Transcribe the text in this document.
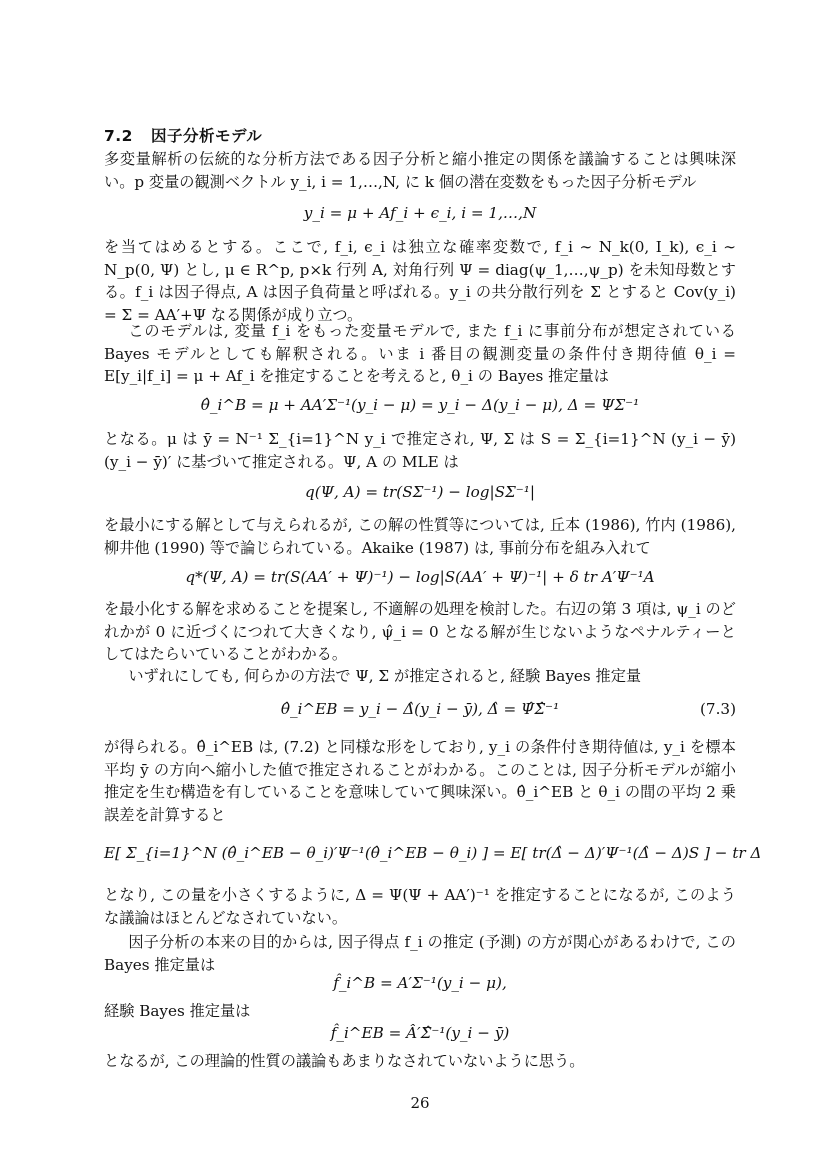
7.2 因子分析モデル

多変量解析の伝統的な分析方法である因子分析と縮小推定の関係を議論することは興味深い。p 変量の観測ベクトル y_i, i = 1,…,N, に k 個の潜在変数をもった因子分析モデル

y_i = μ + Af_i + ϵ_i, i = 1,…,N

を当てはめるとする。ここで, f_i, ϵ_i は独立な確率変数で, f_i ∼ N_k(0, I_k), ϵ_i ∼ N_p(0, Ψ) とし, μ ∈ R^p, p×k 行列 A, 対角行列 Ψ = diag(ψ_1,…,ψ_p) を未知母数とする。f_i は因子得点, A は因子負荷量と呼ばれる。y_i の共分散行列を Σ とすると Cov(y_i) = Σ = AA′+Ψ なる関係が成り立つ。

このモデルは, 変量 f_i をもった変量モデルで, また f_i に事前分布が想定されている Bayes モデルとしても解釈される。いま i 番目の観測変量の条件付き期待値 θ_i = E[y_i|f_i] = μ + Af_i を推定することを考えると, θ_i の Bayes 推定量は

θ̂_i^B = μ + AA′Σ⁻¹(y_i − μ) = y_i − Δ(y_i − μ), Δ = ΨΣ⁻¹

となる。μ は ȳ = N⁻¹ Σ_{i=1}^N y_i で推定され, Ψ, Σ は S = Σ_{i=1}^N (y_i − ȳ)(y_i − ȳ)′ に基づいて推定される。Ψ, A の MLE は

q(Ψ, A) = tr(SΣ⁻¹) − log|SΣ⁻¹|

を最小にする解として与えられるが, この解の性質等については, 丘本 (1986), 竹内 (1986), 柳井他 (1990) 等で論じられている。Akaike (1987) は, 事前分布を組み入れて

q*(Ψ, A) = tr(S(AA′ + Ψ)⁻¹) − log|S(AA′ + Ψ)⁻¹| + δ tr A′Ψ⁻¹A

を最小化する解を求めることを提案し, 不適解の処理を検討した。右辺の第 3 項は, ψ_i のどれかが 0 に近づくにつれて大きくなり, ψ̂_i = 0 となる解が生じないようなペナルティーとしてはたらいていることがわかる。

いずれにしても, 何らかの方法で Ψ, Σ が推定されると, 経験 Bayes 推定量

θ̂_i^EB = y_i − Δ̂(y_i − ȳ), Δ̂ = Ψ̂Σ̂⁻¹	(7.3)

が得られる。θ̂_i^EB は, (7.2) と同様な形をしており, y_i の条件付き期待値は, y_i を標本平均 ȳ の方向へ縮小した値で推定されることがわかる。このことは, 因子分析モデルが縮小推定を生む構造を有していることを意味していて興味深い。θ̂_i^EB と θ_i の間の平均 2 乗誤差を計算すると

E[ Σ_{i=1}^N (θ̂_i^EB − θ_i)′Ψ⁻¹(θ̂_i^EB − θ_i) ] = E[ tr(Δ̂ − Δ)′Ψ⁻¹(Δ̂ − Δ)S ] − tr Δ

となり, この量を小さくするように, Δ = Ψ(Ψ + AA′)⁻¹ を推定することになるが, このような議論はほとんどなされていない。

因子分析の本来の目的からは, 因子得点 f_i の推定 (予測) の方が関心があるわけで, この Bayes 推定量は

f̂_i^B = A′Σ⁻¹(y_i − μ),

経験 Bayes 推定量は

f̂_i^EB = Â′Σ̂⁻¹(y_i − ȳ)

となるが, この理論的性質の議論もあまりなされていないように思う。

26
